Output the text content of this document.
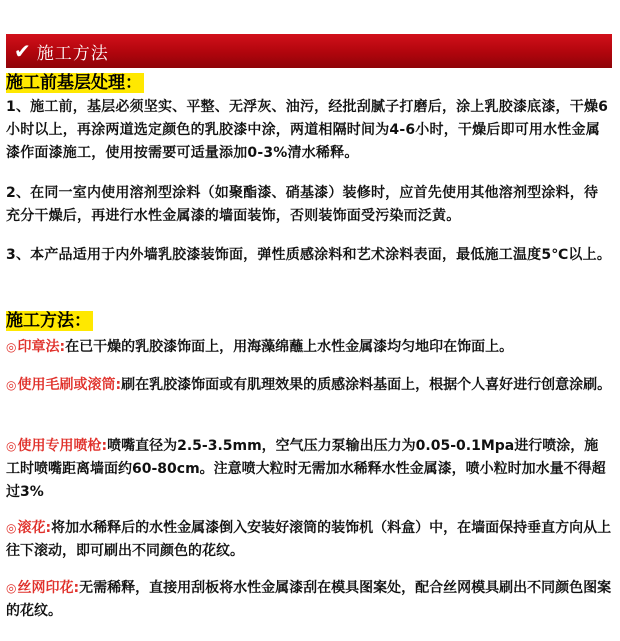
✔ 施工方法
施工前基层处理：

1、施工前，基层必须坚实、平整、无浮灰、油污，经批刮腻子打磨后，涂上乳胶漆底漆，干燥6小时以上，再涂两道选定颜色的乳胶漆中涂，两道相隔时间为4-6小时，干燥后即可用水性金属漆作面漆施工，使用按需要可适量添加0-3%清水稀释。

2、在同一室内使用溶剂型涂料（如聚酯漆、硝基漆）装修时，应首先使用其他溶剂型涂料，待充分干燥后，再进行水性金属漆的墙面装饰，否则装饰面受污染而泛黄。

3、本产品适用于内外墙乳胶漆装饰面，弹性质感涂料和艺术涂料表面，最低施工温度5℃以上。

施工方法：

◎印章法:在已干燥的乳胶漆饰面上，用海藻绵蘸上水性金属漆均匀地印在饰面上。

◎使用毛刷或滚筒:刷在乳胶漆饰面或有肌理效果的质感涂料基面上，根据个人喜好进行创意涂刷。

◎使用专用喷枪:喷嘴直径为2.5-3.5mm，空气压力泵输出压力为0.05-0.1Mpa进行喷涂，施工时喷嘴距离墙面约60-80cm。注意喷大粒时无需加水稀释水性金属漆，喷小粒时加水量不得超过3%

◎滚花:将加水稀释后的水性金属漆倒入安装好滚筒的装饰机（料盒）中，在墙面保持垂直方向从上往下滚动，即可刷出不同颜色的花纹。

◎丝网印花:无需稀释，直接用刮板将水性金属漆刮在模具图案处，配合丝网模具刷出不同颜色图案的花纹。
